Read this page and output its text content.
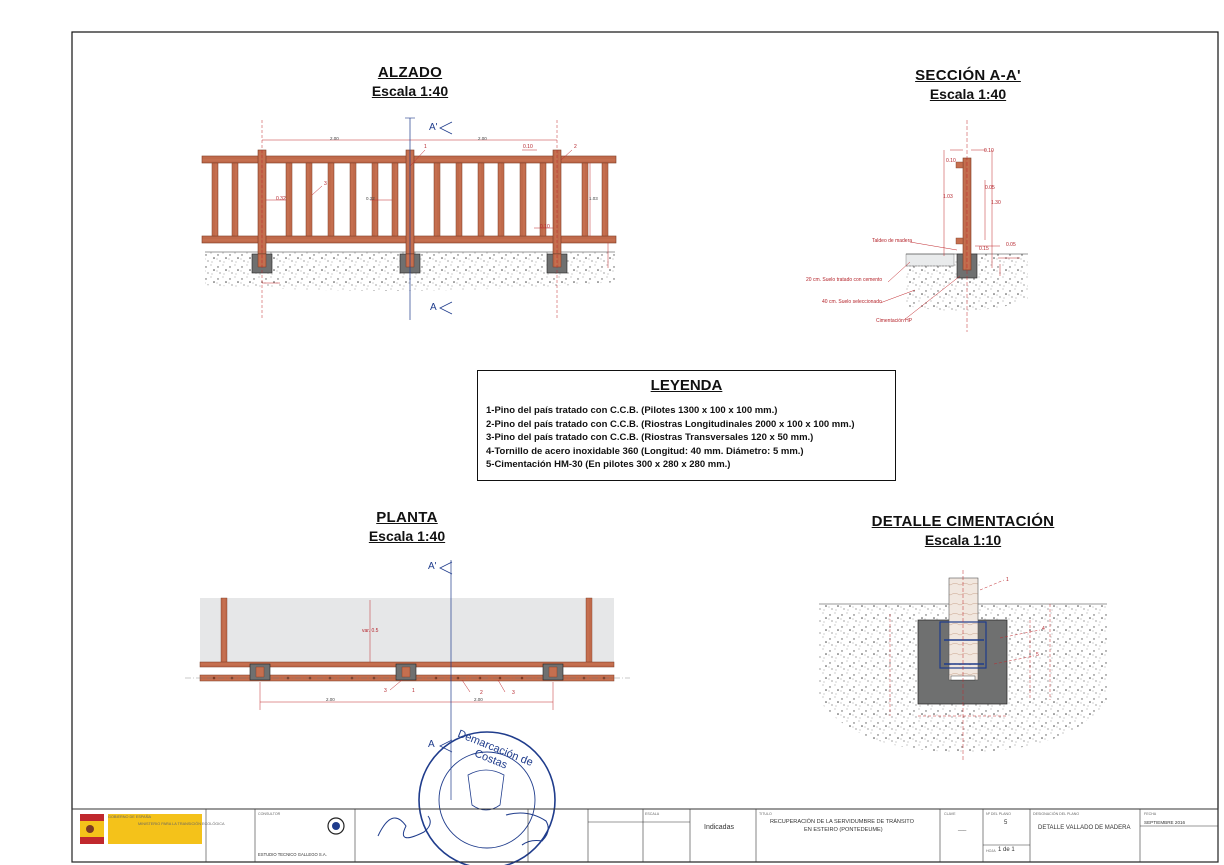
ALZADO
Escala 1:40
SECCIÓN A-A'
Escala 1:40
PLANTA
Escala 1:40
DETALLE CIMENTACIÓN
Escala 1:10
A'
A
A'
A
2.00	2.00
0.10
0.32	0.32	1.03
0.10
1	2
3
0.10
0.10
0.05
1.03
1.30
0.05
0.15
Taldeo de madera
20 cm. Suelo tratado con cemento
40 cm. Suelo seleccionado
Cimentación HP
LEYENDA
1-Pino del país tratado con C.C.B. (Pilotes 1300 x 100 x 100 mm.)
2-Pino del país tratado con C.C.B. (Riostras Longitudinales 2000 x 100 x 100 mm.)
3-Pino del país tratado con C.C.B. (Riostras Transversales 120 x 50 mm.)
4-Tornillo de acero inoxidable 360 (Longitud: 40 mm. Diámetro: 5 mm.)
5-Cimentación HM-30 (En pilotes 300 x 280 x 280 mm.)
var. 0.5
2.00	2.00
3	1	2	3
1
4
5
Demarcación de Costas
GOBIERNO DE ESPAÑA
MINISTERIO PARA LA TRANSICIÓN ECOLÓGICA
CONSULTOR
ESTUDIO TECNICO GALLEGO S.A.
ESCALA
Indicadas
TITULO
RECUPERACIÓN DE LA SERVIDUMBRE DE TRÁNSITO
EN ESTEIRO (PONTEDEUME)
CLAVE
___
Nº DEL PLANO
5
HOJA 1 de 1
DESIGNACIÓN DEL PLANO
DETALLE VALLADO DE MADERA
FECHA
SEPTIEMBRE 2016
